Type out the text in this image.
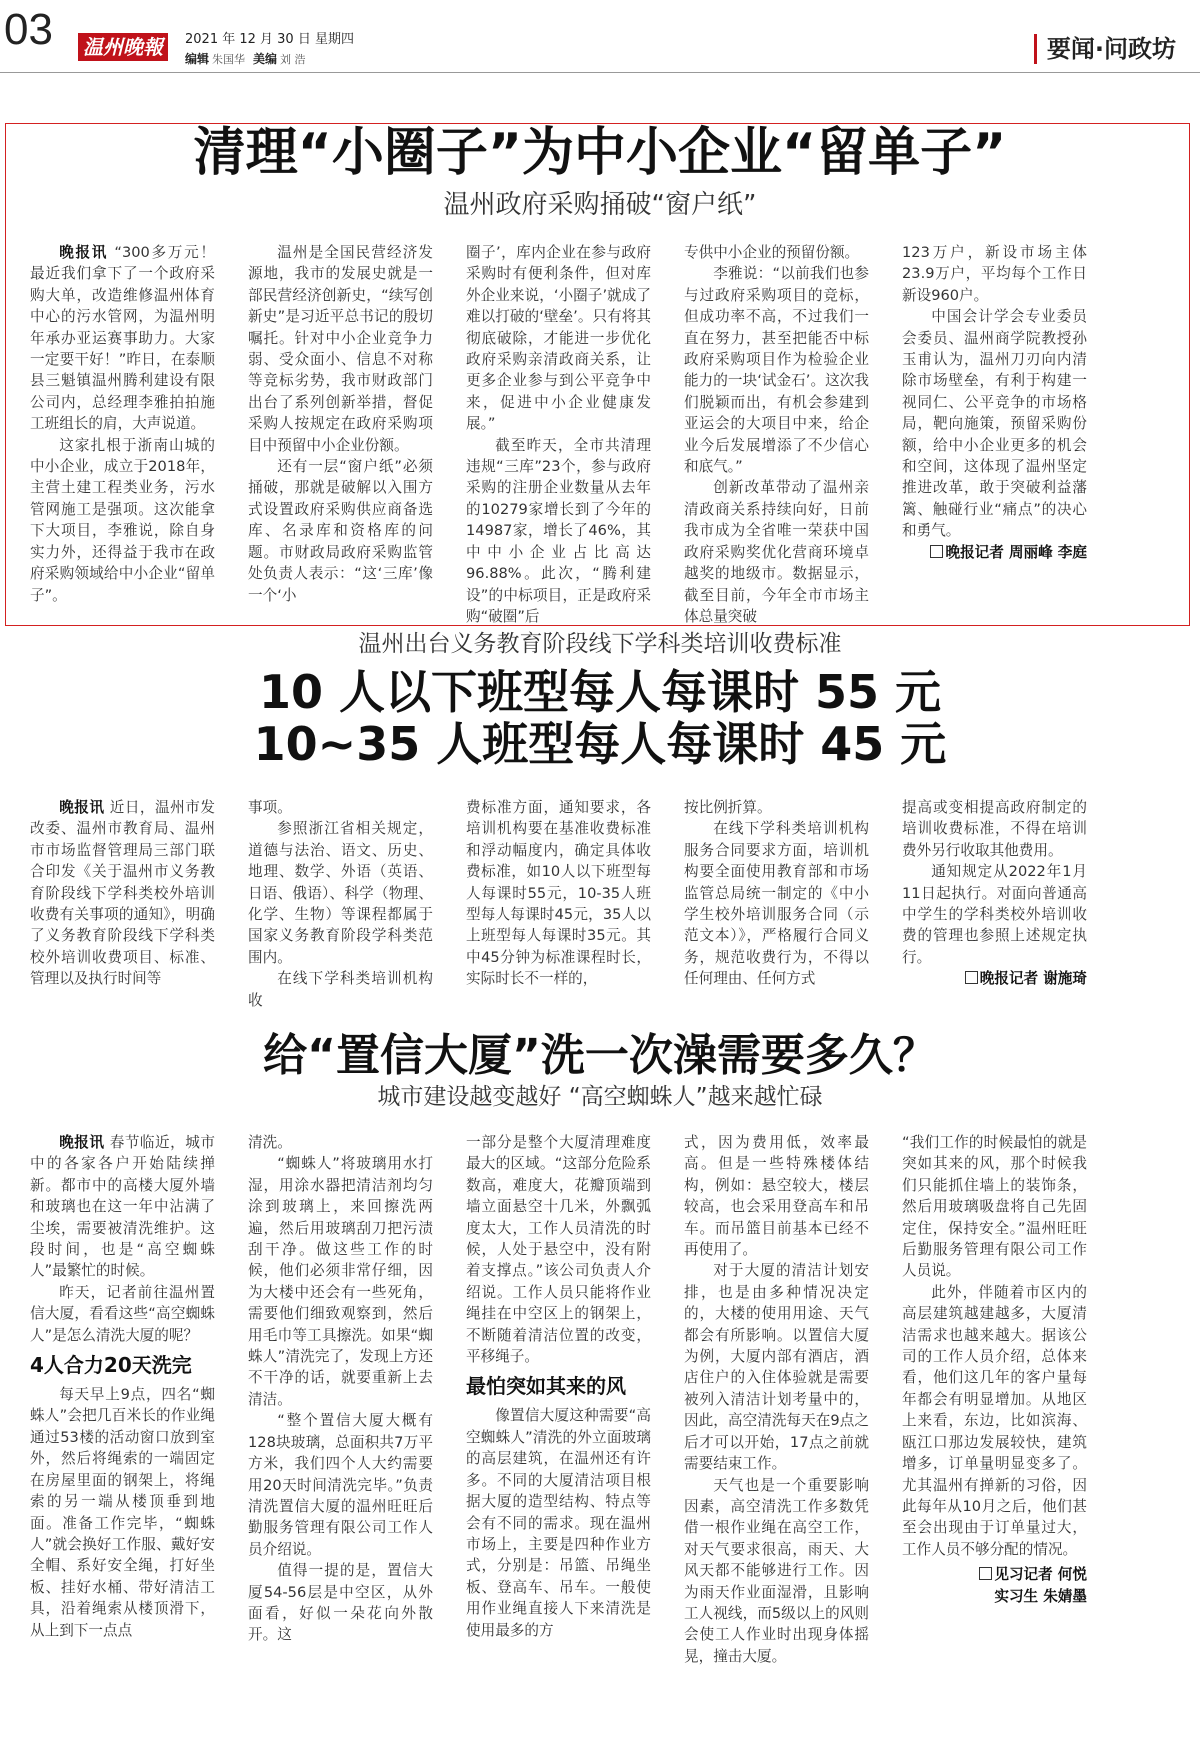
03 温州晚報	2021 年 12 月 30 日 星期四
编辑 朱国华 美编 刘 浩	要闻·问政坊
清理“小圈子”为中小企业“留单子”
温州政府采购捅破“窗户纸”

晚报讯 “300多万元！最近我们拿下了一个政府采购大单，改造维修温州体育中心的污水管网，为温州明年承办亚运赛事助力。大家一定要干好！”昨日，在泰顺县三魁镇温州腾利建设有限公司内，总经理李雅拍拍施工班组长的肩，大声说道。

这家扎根于浙南山城的中小企业，成立于2018年，主营土建工程类业务，污水管网施工是强项。这次能拿下大项目，李雅说，除自身实力外，还得益于我市在政府采购领域给中小企业“留单子”。

温州是全国民营经济发源地，我市的发展史就是一部民营经济创新史，“续写创新史”是习近平总书记的殷切嘱托。针对中小企业竞争力弱、受众面小、信息不对称等竞标劣势，我市财政部门出台了系列创新举措，督促采购人按规定在政府采购项目中预留中小企业份额。

还有一层“窗户纸”必须捅破，那就是破解以入围方式设置政府采购供应商备选库、名录库和资格库的问题。市财政局政府采购监管处负责人表示：“这‘三库’像一个‘小

圈子’，库内企业在参与政府采购时有便利条件，但对库外企业来说，‘小圈子’就成了难以打破的‘壁垒’。只有将其彻底破除，才能进一步优化政府采购亲清政商关系，让更多企业参与到公平竞争中来，促进中小企业健康发展。”

截至昨天，全市共清理违规“三库”23个，参与政府采购的注册企业数量从去年的10279家增长到了今年的14987家，增长了46%，其中中小企业占比高达96.88%。此次，“腾利建设”的中标项目，正是政府采购“破圈”后

专供中小企业的预留份额。

李雅说：“以前我们也参与过政府采购项目的竞标，但成功率不高，不过我们一直在努力，甚至把能否中标政府采购项目作为检验企业能力的一块‘试金石’。这次我们脱颖而出，有机会参建到亚运会的大项目中来，给企业今后发展增添了不少信心和底气。”

创新改革带动了温州亲清政商关系持续向好，日前我市成为全省唯一荣获中国政府采购奖优化营商环境卓越奖的地级市。数据显示，截至目前，今年全市市场主体总量突破

123万户，新设市场主体23.9万户，平均每个工作日新设960户。

中国会计学会专业委员会委员、温州商学院教授孙玉甫认为，温州刀刃向内清除市场壁垒，有利于构建一视同仁、公平竞争的市场格局，靶向施策，预留采购份额，给中小企业更多的机会和空间，这体现了温州坚定推进改革，敢于突破利益藩篱、触碰行业“痛点”的决心和勇气。

晚报记者 周丽峰 李庭
温州出台义务教育阶段线下学科类培训收费标准
10 人以下班型每人每课时 55 元
10~35 人班型每人每课时 45 元

晚报讯 近日，温州市发改委、温州市教育局、温州市市场监督管理局三部门联合印发《关于温州市义务教育阶段线下学科类校外培训收费有关事项的通知》，明确了义务教育阶段线下学科类校外培训收费项目、标准、管理以及执行时间等

事项。

参照浙江省相关规定，道德与法治、语文、历史、地理、数学、外语（英语、日语、俄语）、科学（物理、化学、生物）等课程都属于国家义务教育阶段学科类范围内。

在线下学科类培训机构收

费标准方面，通知要求，各培训机构要在基准收费标准和浮动幅度内，确定具体收费标准，如10人以下班型每人每课时55元，10-35人班型每人每课时45元，35人以上班型每人每课时35元。其中45分钟为标准课程时长，实际时长不一样的，

按比例折算。

在线下学科类培训机构服务合同要求方面，培训机构要全面使用教育部和市场监管总局统一制定的《中小学生校外培训服务合同（示范文本）》，严格履行合同义务，规范收费行为，不得以任何理由、任何方式

提高或变相提高政府制定的培训收费标准，不得在培训费外另行收取其他费用。

通知规定从2022年1月11日起执行。对面向普通高中学生的学科类校外培训收费的管理也参照上述规定执行。

晚报记者 谢施琦
给“置信大厦”洗一次澡需要多久？
城市建设越变越好 “高空蜘蛛人”越来越忙碌

晚报讯 春节临近，城市中的各家各户开始陆续掸新。都市中的高楼大厦外墙和玻璃也在这一年中沾满了尘埃，需要被清洗维护。这段时间，也是“高空蜘蛛人”最繁忙的时候。

昨天，记者前往温州置信大厦，看看这些“高空蜘蛛人”是怎么清洗大厦的呢？

4人合力20天洗完

每天早上9点，四名“蜘蛛人”会把几百米长的作业绳通过53楼的活动窗口放到室外，然后将绳索的一端固定在房屋里面的钢架上，将绳索的另一端从楼顶垂到地面。准备工作完毕，“蜘蛛人”就会换好工作服、戴好安全帽、系好安全绳，打好坐板、挂好水桶、带好清洁工具，沿着绳索从楼顶滑下，从上到下一点点

清洗。

“蜘蛛人”将玻璃用水打湿，用涂水器把清洁剂均匀涂到玻璃上，来回擦洗两遍，然后用玻璃刮刀把污渍刮干净。做这些工作的时候，他们必须非常仔细，因为大楼中还会有一些死角，需要他们细致观察到，然后用毛巾等工具擦洗。如果“蜘蛛人”清洗完了，发现上方还不干净的话，就要重新上去清洁。

“整个置信大厦大概有128块玻璃，总面积共7万平方米，我们四个人大约需要用20天时间清洗完毕。”负责清洗置信大厦的温州旺旺后勤服务管理有限公司工作人员介绍说。

值得一提的是，置信大厦54-56层是中空区，从外面看，好似一朵花向外散开。这

一部分是整个大厦清理难度最大的区域。“这部分危险系数高，难度大，花瓣顶端到墙立面悬空十几米，外飘弧度太大，工作人员清洗的时候，人处于悬空中，没有附着支撑点。”该公司负责人介绍说。工作人员只能将作业绳挂在中空区上的钢架上，不断随着清洁位置的改变，平移绳子。

最怕突如其来的风

像置信大厦这种需要“高空蜘蛛人”清洗的外立面玻璃的高层建筑，在温州还有许多。不同的大厦清洁项目根据大厦的造型结构、特点等会有不同的需求。现在温州市场上，主要是四种作业方式，分别是：吊篮、吊绳坐板、登高车、吊车。一般使用作业绳直接人下来清洗是使用最多的方

式，因为费用低，效率最高。但是一些特殊楼体结构，例如：悬空较大，楼层较高，也会采用登高车和吊车。而吊篮目前基本已经不再使用了。

对于大厦的清洁计划安排，也是由多种情况决定的，大楼的使用用途、天气都会有所影响。以置信大厦为例，大厦内部有酒店，酒店住户的入住体验就是需要被列入清洁计划考量中的，因此，高空清洗每天在9点之后才可以开始，17点之前就需要结束工作。

天气也是一个重要影响因素，高空清洗工作多数凭借一根作业绳在高空工作，对天气要求很高，雨天、大风天都不能够进行工作。因为雨天作业面湿滑，且影响工人视线，而5级以上的风则会使工人作业时出现身体摇晃，撞击大厦。

“我们工作的时候最怕的就是突如其来的风，那个时候我们只能抓住墙上的装饰条，然后用玻璃吸盘将自己先固定住，保持安全。”温州旺旺后勤服务管理有限公司工作人员说。

此外，伴随着市区内的高层建筑越建越多，大厦清洁需求也越来越大。据该公司的工作人员介绍，总体来看，他们这几年的客户量每年都会有明显增加。从地区上来看，东边，比如滨海、瓯江口那边发展较快，建筑增多，订单量明显变多了。尤其温州有掸新的习俗，因此每年从10月之后，他们甚至会出现由于订单量过大，工作人员不够分配的情况。

见习记者 何悦
实习生 朱婧墨
